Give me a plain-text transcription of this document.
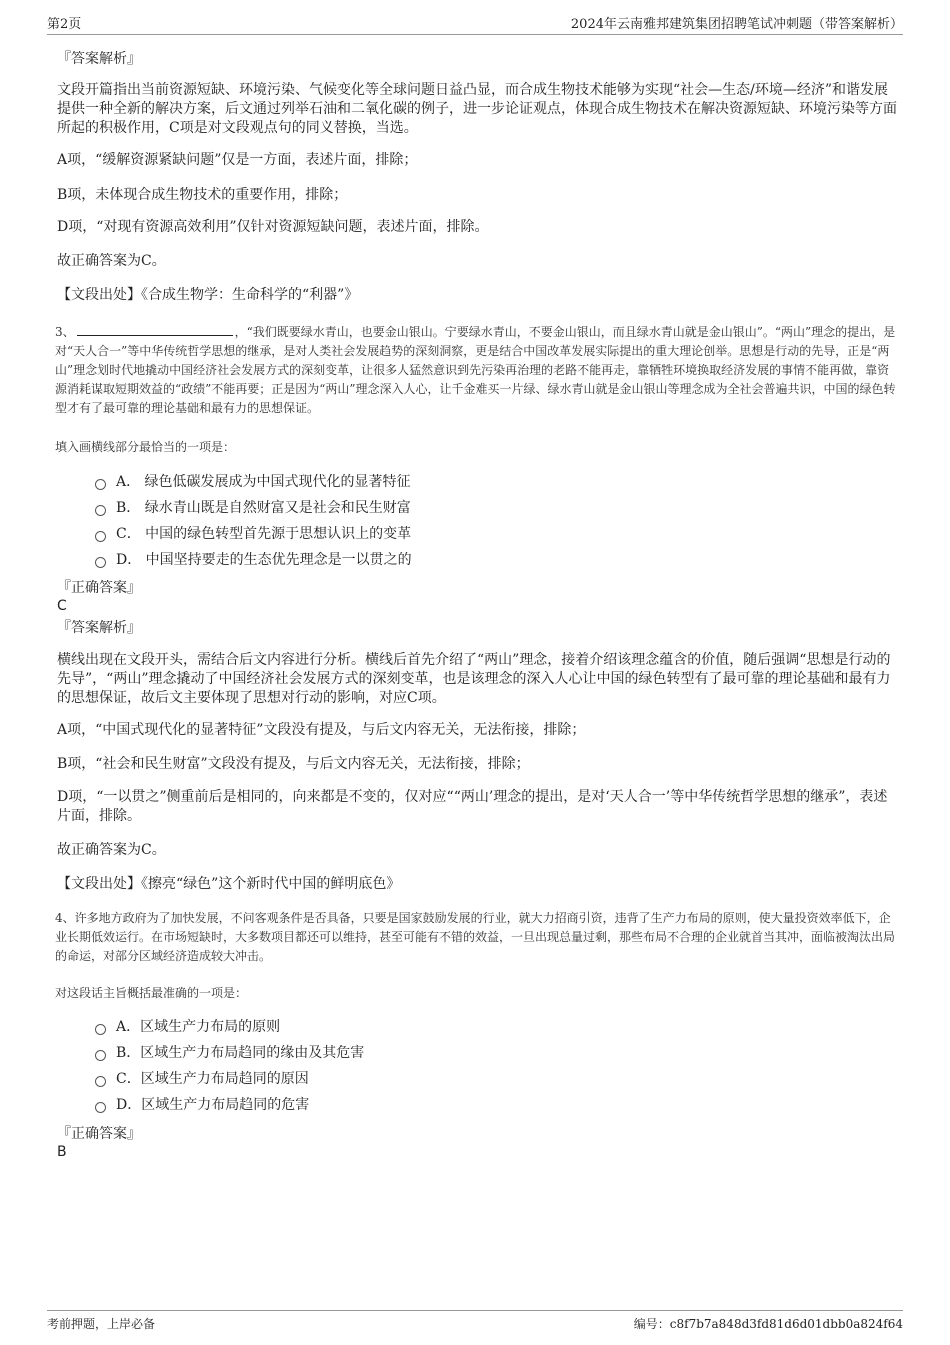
第2页	2024年云南雅邦建筑集团招聘笔试冲刺题（带答案解析）

『答案解析』

文段开篇指出当前资源短缺、环境污染、气候变化等全球问题日益凸显，而合成生物技术能够为实现“社会—生态/环境—经济”和谐发展提供一种全新的解决方案，后文通过列举石油和二氧化碳的例子，进一步论证观点，体现合成生物技术在解决资源短缺、环境污染等方面所起的积极作用，C项是对文段观点句的同义替换，当选。

A项，“缓解资源紧缺问题”仅是一方面，表述片面，排除；

B项，未体现合成生物技术的重要作用，排除；

D项，“对现有资源高效利用”仅针对资源短缺问题，表述片面，排除。

故正确答案为C。

【文段出处】《合成生物学：生命科学的“利器”》

3、	，“我们既要绿水青山，也要金山银山。宁要绿水青山，不要金山银山，而且绿水青山就是金山银山”。“两山”理念的提出，是对“天人合一”等中华传统哲学思想的继承，是对人类社会发展趋势的深刻洞察，更是结合中国改革发展实际提出的重大理论创举。思想是行动的先导，正是“两山”理念划时代地撬动中国经济社会发展方式的深刻变革，让很多人猛然意识到先污染再治理的老路不能再走，靠牺牲环境换取经济发展的事情不能再做，靠资源消耗谋取短期效益的“政绩”不能再要；正是因为“两山”理念深入人心，让千金难买一片绿、绿水青山就是金山银山等理念成为全社会普遍共识，中国的绿色转型才有了最可靠的理论基础和最有力的思想保证。

填入画横线部分最恰当的一项是：

A． 绿色低碳发展成为中国式现代化的显著特征
B． 绿水青山既是自然财富又是社会和民生财富
C． 中国的绿色转型首先源于思想认识上的变革
D． 中国坚持要走的生态优先理念是一以贯之的

『正确答案』

C

『答案解析』

横线出现在文段开头，需结合后文内容进行分析。横线后首先介绍了“两山”理念，接着介绍该理念蕴含的价值，随后强调“思想是行动的先导”，“两山”理念撬动了中国经济社会发展方式的深刻变革，也是该理念的深入人心让中国的绿色转型有了最可靠的理论基础和最有力的思想保证，故后文主要体现了思想对行动的影响，对应C项。

A项，“中国式现代化的显著特征”文段没有提及，与后文内容无关，无法衔接，排除；

B项，“社会和民生财富”文段没有提及，与后文内容无关，无法衔接，排除；

D项，“一以贯之”侧重前后是相同的，向来都是不变的，仅对应““两山’理念的提出，是对‘天人合一’等中华传统哲学思想的继承”，表述片面，排除。

故正确答案为C。

【文段出处】《擦亮“绿色”这个新时代中国的鲜明底色》

4、许多地方政府为了加快发展，不问客观条件是否具备，只要是国家鼓励发展的行业，就大力招商引资，违背了生产力布局的原则，使大量投资效率低下，企业长期低效运行。在市场短缺时，大多数项目都还可以维持，甚至可能有不错的效益，一旦出现总量过剩，那些布局不合理的企业就首当其冲，面临被淘汰出局的命运，对部分区域经济造成较大冲击。

对这段话主旨概括最准确的一项是：

A．区域生产力布局的原则
B．区域生产力布局趋同的缘由及其危害
C．区域生产力布局趋同的原因
D．区域生产力布局趋同的危害

『正确答案』

B

考前押题，上岸必备	编号：c8f7b7a848d3fd81d6d01dbb0a824f64
